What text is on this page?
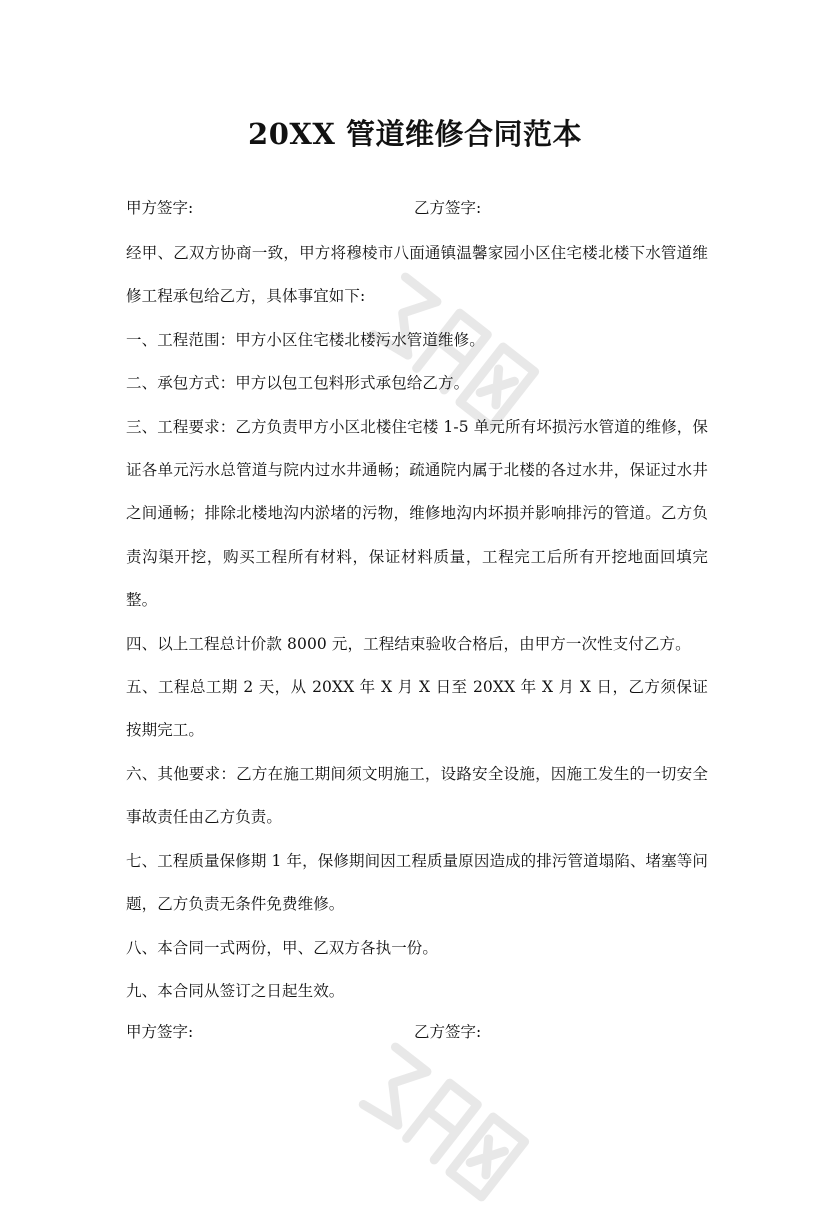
20XX 管道维修合同范本
甲方签字:	乙方签字:

经甲、乙双方协商一致，甲方将穆棱市八面通镇温馨家园小区住宅楼北楼下水管道维修工程承包给乙方，具体事宜如下:

一、工程范围：甲方小区住宅楼北楼污水管道维修。

二、承包方式：甲方以包工包料形式承包给乙方。

三、工程要求：乙方负责甲方小区北楼住宅楼 1-5 单元所有坏损污水管道的维修，保证各单元污水总管道与院内过水井通畅；疏通院内属于北楼的各过水井，保证过水井之间通畅；排除北楼地沟内淤堵的污物，维修地沟内坏损并影响排污的管道。乙方负责沟渠开挖，购买工程所有材料，保证材料质量，工程完工后所有开挖地面回填完整。

四、以上工程总计价款 8000 元，工程结束验收合格后，由甲方一次性支付乙方。

五、工程总工期 2 天，从 20XX 年 X 月 X 日至 20XX 年 X 月 X 日，乙方须保证按期完工。

六、其他要求：乙方在施工期间须文明施工，设路安全设施，因施工发生的一切安全事故责任由乙方负责。

七、工程质量保修期 1 年，保修期间因工程质量原因造成的排污管道塌陷、堵塞等问题，乙方负责无条件免费维修。

八、本合同一式两份，甲、乙双方各执一份。

九、本合同从签订之日起生效。

甲方签字:	乙方签字:
